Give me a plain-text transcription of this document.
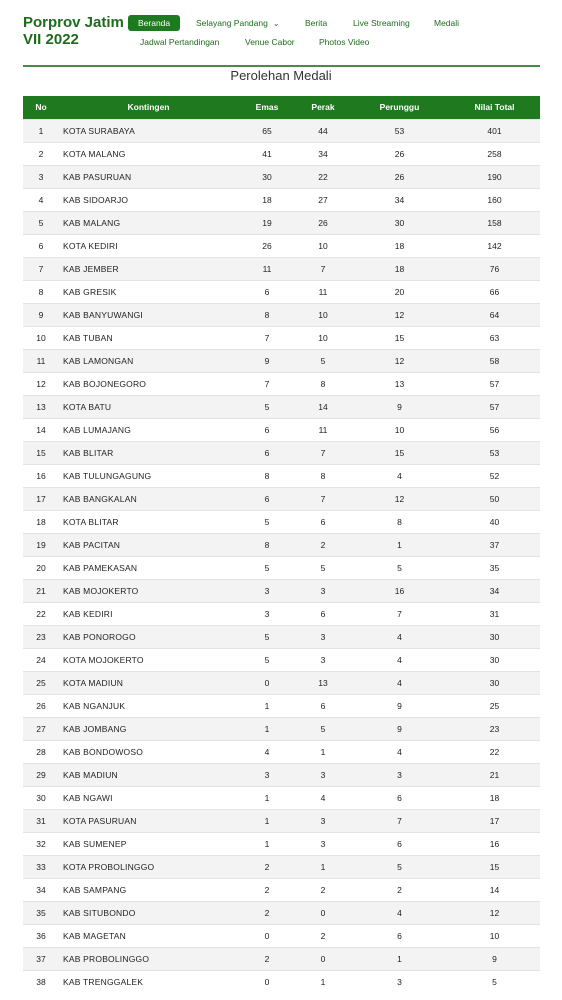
Porprov Jatim
VII 2022
Beranda	Selayang Pandang ⌄	Berita	Live Streaming	Medali
Jadwal Pertandingan	Venue Cabor	Photos Video
Perolehan Medali
No	Kontingen	Emas	Perak	Perunggu	Nilai Total
1	KOTA SURABAYA	65	44	53	401
2	KOTA MALANG	41	34	26	258
3	KAB PASURUAN	30	22	26	190
4	KAB SIDOARJO	18	27	34	160
5	KAB MALANG	19	26	30	158
6	KOTA KEDIRI	26	10	18	142
7	KAB JEMBER	11	7	18	76
8	KAB GRESIK	6	11	20	66
9	KAB BANYUWANGI	8	10	12	64
10	KAB TUBAN	7	10	15	63
11	KAB LAMONGAN	9	5	12	58
12	KAB BOJONEGORO	7	8	13	57
13	KOTA BATU	5	14	9	57
14	KAB LUMAJANG	6	11	10	56
15	KAB BLITAR	6	7	15	53
16	KAB TULUNGAGUNG	8	8	4	52
17	KAB BANGKALAN	6	7	12	50
18	KOTA BLITAR	5	6	8	40
19	KAB PACITAN	8	2	1	37
20	KAB PAMEKASAN	5	5	5	35
21	KAB MOJOKERTO	3	3	16	34
22	KAB KEDIRI	3	6	7	31
23	KAB PONOROGO	5	3	4	30
24	KOTA MOJOKERTO	5	3	4	30
25	KOTA MADIUN	0	13	4	30
26	KAB NGANJUK	1	6	9	25
27	KAB JOMBANG	1	5	9	23
28	KAB BONDOWOSO	4	1	4	22
29	KAB MADIUN	3	3	3	21
30	KAB NGAWI	1	4	6	18
31	KOTA PASURUAN	1	3	7	17
32	KAB SUMENEP	1	3	6	16
33	KOTA PROBOLINGGO	2	1	5	15
34	KAB SAMPANG	2	2	2	14
35	KAB SITUBONDO	2	0	4	12
36	KAB MAGETAN	0	2	6	10
37	KAB PROBOLINGGO	2	0	1	9
38	KAB TRENGGALEK	0	1	3	5
